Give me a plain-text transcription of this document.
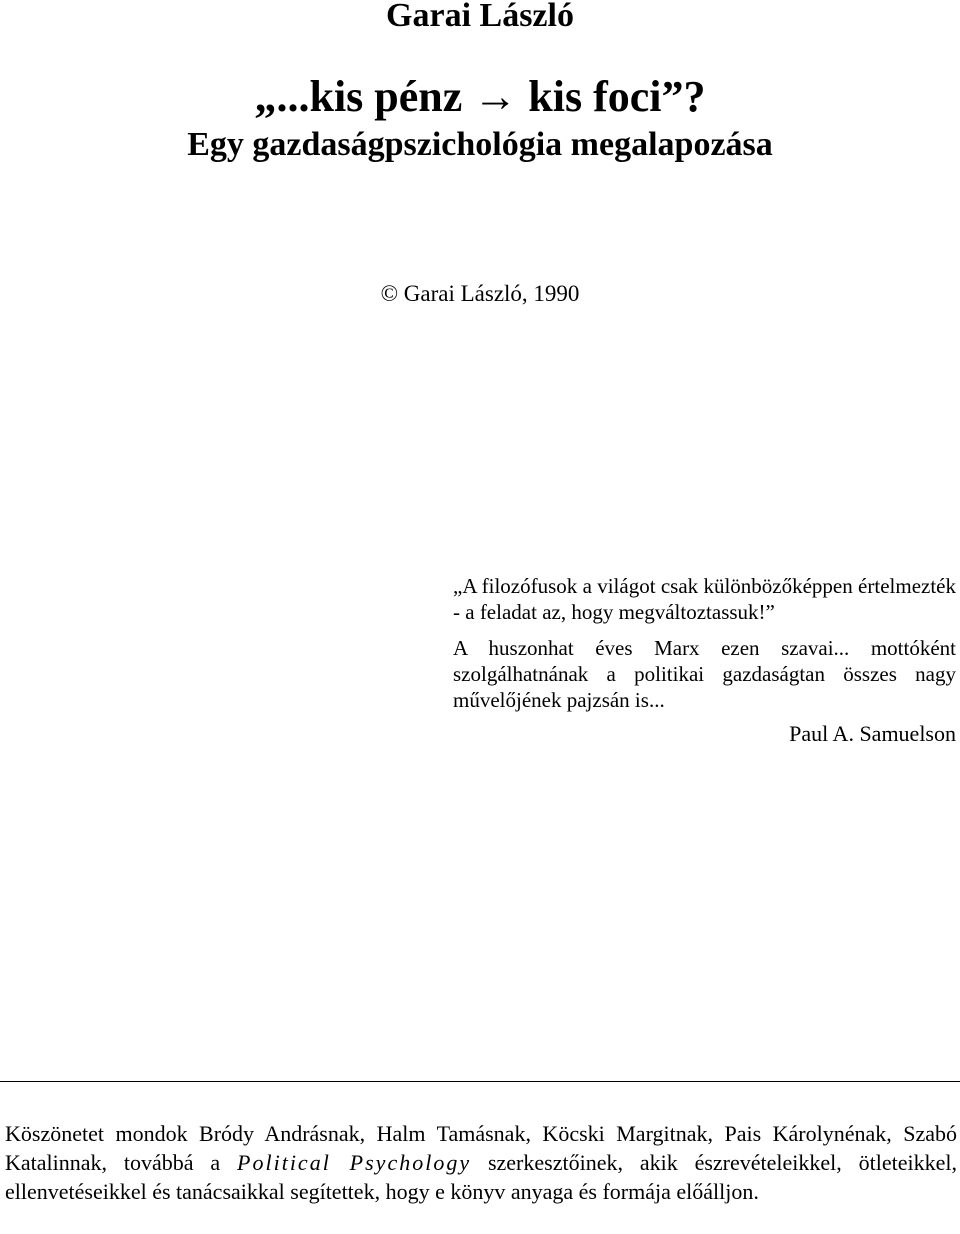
Garai László
„...kis pénz → kis foci”?
Egy gazdaságpszichológia megalapozása
© Garai László, 1990

„A filozófusok a világot csak különbözőképpen értelmezték - a feladat az, hogy megváltoztassuk!”

A huszonhat éves Marx ezen szavai... mottóként szolgálhatnának a politikai gazdaságtan összes nagy művelőjének pajzsán is...

Paul A. Samuelson

Köszönetet mondok Bródy Andrásnak, Halm Tamásnak, Köcski Margitnak, Pais Károlynénak, Szabó Katalinnak, továbbá a Political Psychology szerkesztőinek, akik észrevételeikkel, ötleteikkel, ellenvetéseikkel és tanácsaikkal segítettek, hogy e könyv anyaga és formája előálljon.
